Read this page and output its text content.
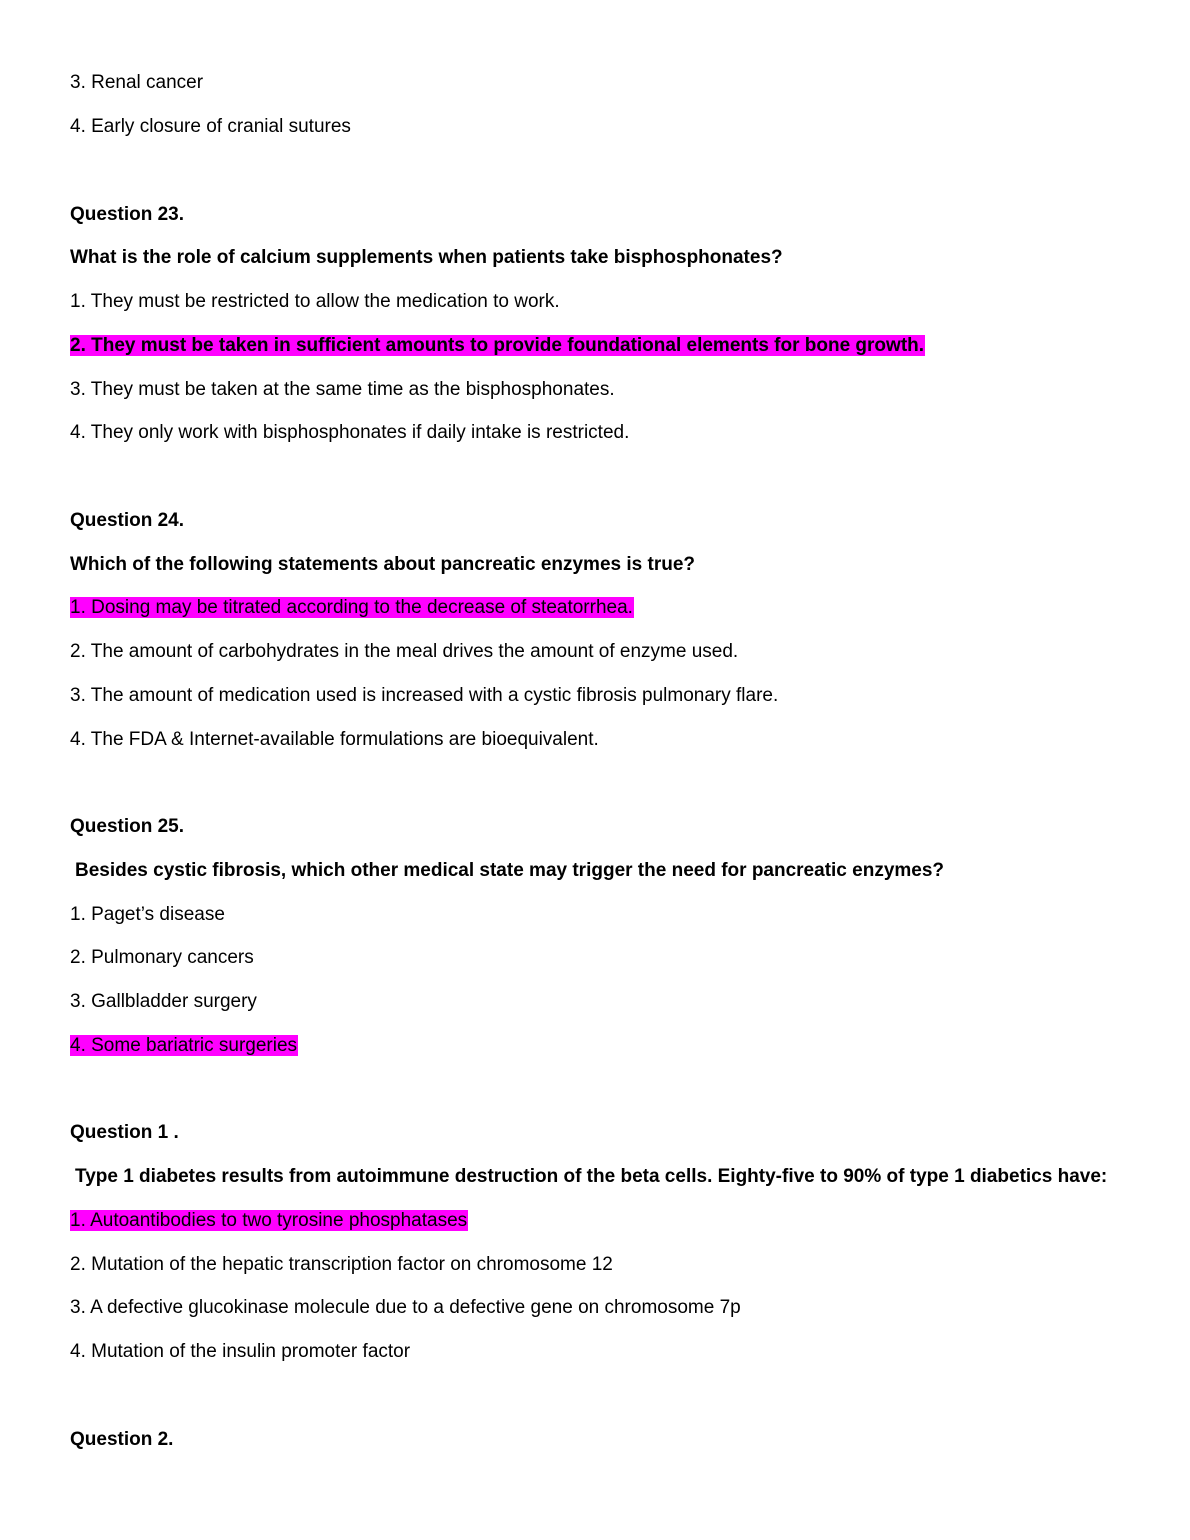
3. Renal cancer
4. Early closure of cranial sutures
Question 23.
What is the role of calcium supplements when patients take bisphosphonates?
1. They must be restricted to allow the medication to work.
2. They must be taken in sufficient amounts to provide foundational elements for bone growth.
3. They must be taken at the same time as the bisphosphonates.
4. They only work with bisphosphonates if daily intake is restricted.
Question 24.
Which of the following statements about pancreatic enzymes is true?
1. Dosing may be titrated according to the decrease of steatorrhea.
2. The amount of carbohydrates in the meal drives the amount of enzyme used.
3. The amount of medication used is increased with a cystic fibrosis pulmonary flare.
4. The FDA & Internet-available formulations are bioequivalent.
Question 25.
Besides cystic fibrosis, which other medical state may trigger the need for pancreatic enzymes?
1. Paget’s disease
2. Pulmonary cancers
3. Gallbladder surgery
4. Some bariatric surgeries
Question 1 .
Type 1 diabetes results from autoimmune destruction of the beta cells. Eighty-five to 90% of type 1 diabetics have:
1. Autoantibodies to two tyrosine phosphatases
2. Mutation of the hepatic transcription factor on chromosome 12
3. A defective glucokinase molecule due to a defective gene on chromosome 7p
4. Mutation of the insulin promoter factor
Question 2.
